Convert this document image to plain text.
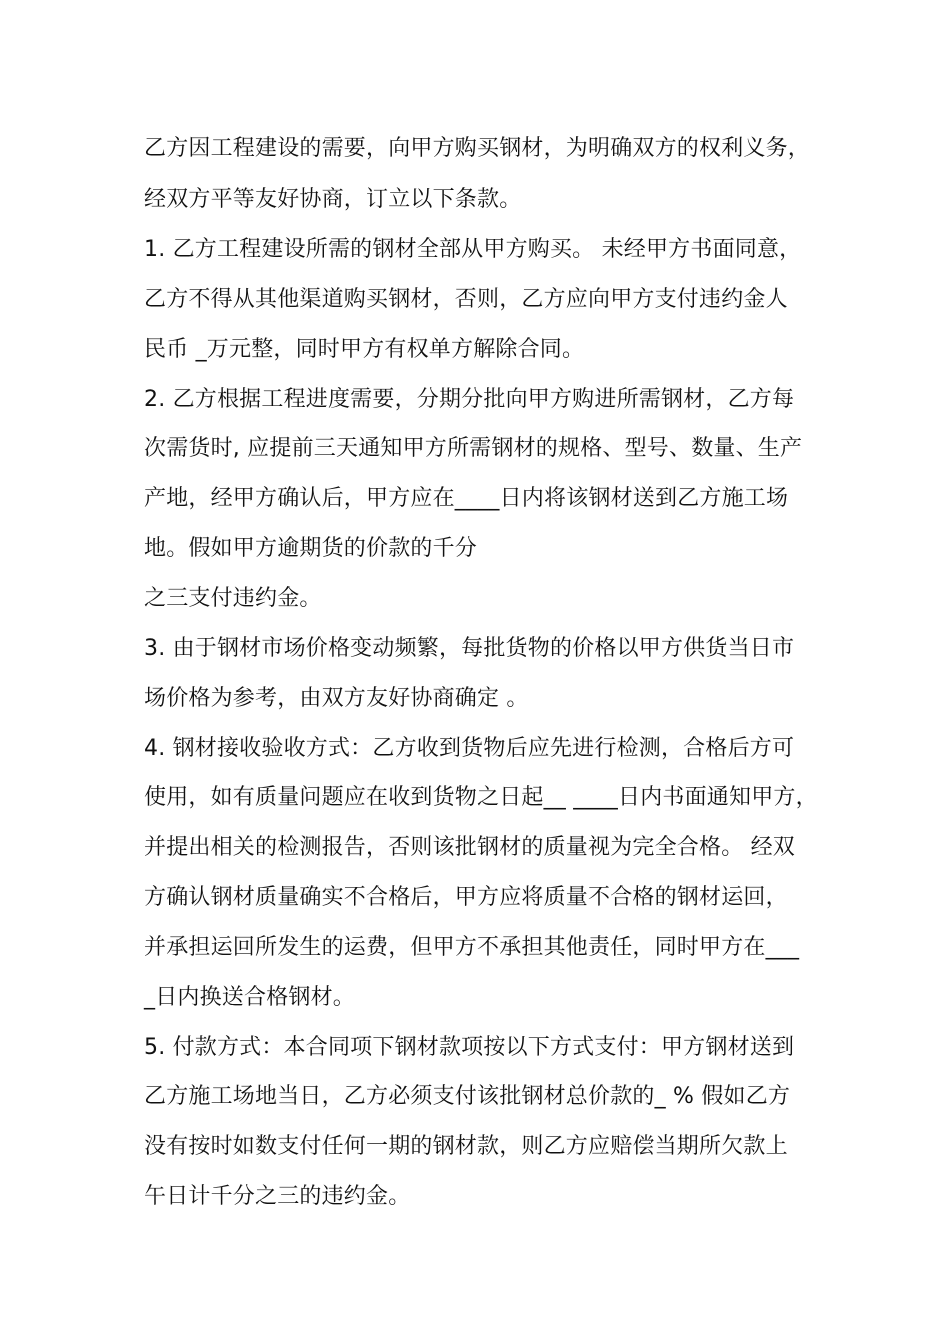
乙方因工程建设的需要，向甲方购买钢材，为明确双方的权利义务，
经双方平等友好协商，订立以下条款。
1. 乙方工程建设所需的钢材全部从甲方购买。 未经甲方书面同意，
乙方不得从其他渠道购买钢材，否则，乙方应向甲方支付违约金人
民币 _万元整，同时甲方有权单方解除合同。
2. 乙方根据工程进度需要，分期分批向甲方购进所需钢材，乙方每
次需货时, 应提前三天通知甲方所需钢材的规格、型号、数量、生产
产地，经甲方确认后，甲方应在____日内将该钢材送到乙方施工场
地。假如甲方逾期货的价款的千分
之三支付违约金。
3. 由于钢材市场价格变动频繁，每批货物的价格以甲方供货当日市
场价格为参考，由双方友好协商确定 。
4. 钢材接收验收方式：乙方收到货物后应先进行检测，合格后方可
使用，如有质量问题应在收到货物之日起__ ____日内书面通知甲方，
并提出相关的检测报告，否则该批钢材的质量视为完全合格。 经双
方确认钢材质量确实不合格后，甲方应将质量不合格的钢材运回，
并承担运回所发生的运费，但甲方不承担其他责任，同时甲方在___
_日内换送合格钢材。
5. 付款方式：本合同项下钢材款项按以下方式支付：甲方钢材送到
乙方施工场地当日，乙方必须支付该批钢材总价款的_ % 假如乙方
没有按时如数支付任何一期的钢材款，则乙方应赔偿当期所欠款上
午日计千分之三的违约金。
